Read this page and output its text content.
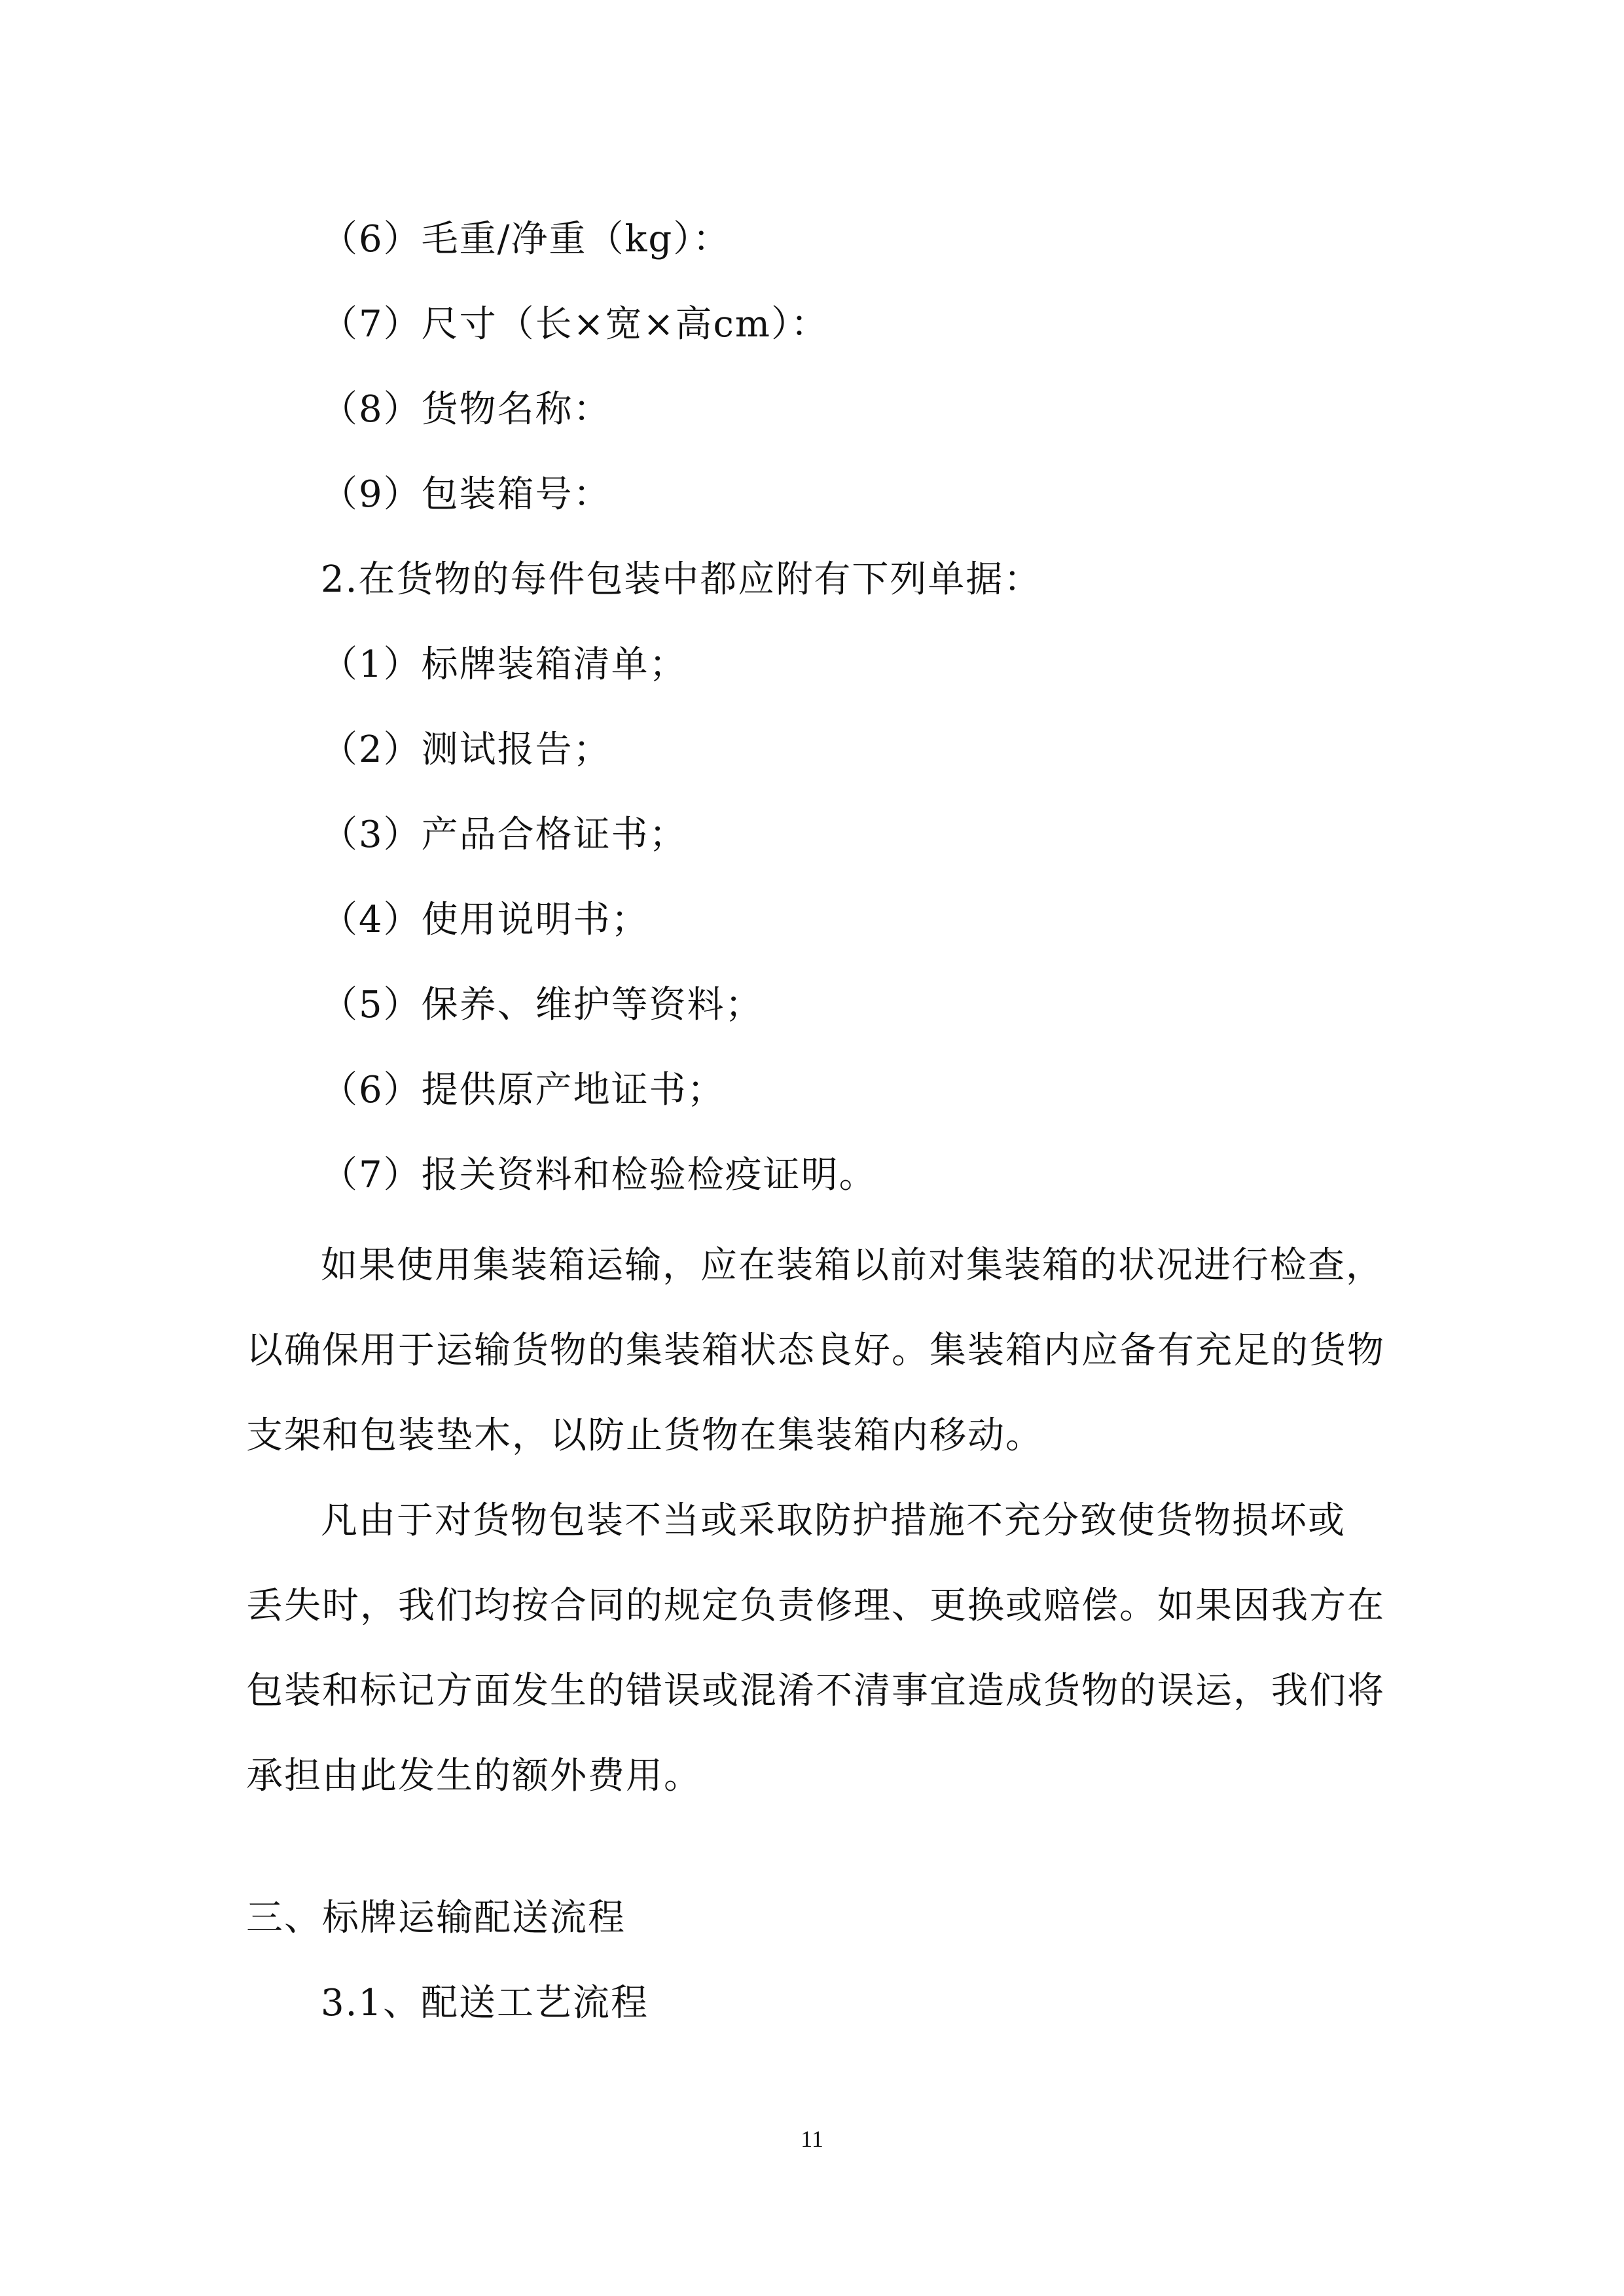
（6）毛重/净重（kg）：
（7）尺寸（长×宽×高cm）：
（8）货物名称：
（9）包装箱号：
2.在货物的每件包装中都应附有下列单据：
（1）标牌装箱清单；
（2）测试报告；
（3）产品合格证书；
（4）使用说明书；
（5）保养、维护等资料；
（6）提供原产地证书；
（7）报关资料和检验检疫证明。
如果使用集装箱运输，应在装箱以前对集装箱的状况进行检查，
以确保用于运输货物的集装箱状态良好。集装箱内应备有充足的货物
支架和包装垫木，以防止货物在集装箱内移动。
凡由于对货物包装不当或采取防护措施不充分致使货物损坏或
丢失时，我们均按合同的规定负责修理、更换或赔偿。如果因我方在
包装和标记方面发生的错误或混淆不清事宜造成货物的误运，我们将
承担由此发生的额外费用。
三、标牌运输配送流程
3.1、配送工艺流程
11
